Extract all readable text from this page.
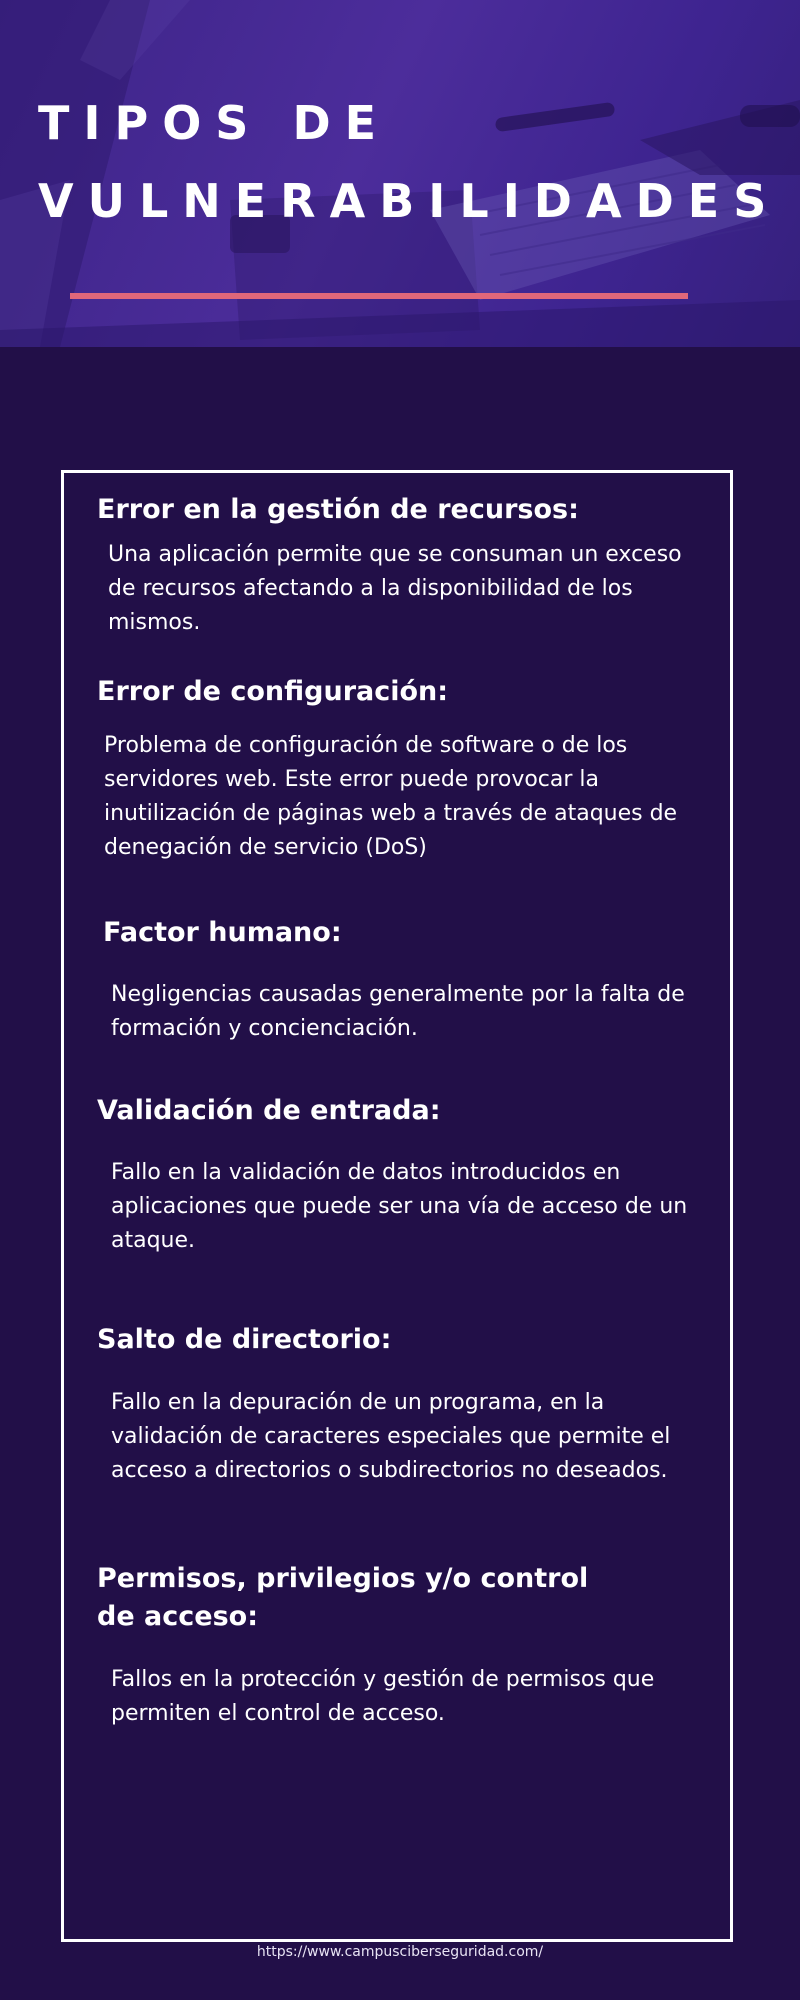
TIPOS DE
VULNERABILIDADES
Error en la gestión de recursos:

Una aplicación permite que se consuman un exceso de recursos afectando a la disponibilidad de los mismos.

Error de configuración:

Problema de configuración de software o de los servidores web. Este error puede provocar la inutilización de páginas web a través de ataques de denegación de servicio (DoS)

Factor humano:

Negligencias causadas generalmente por la falta de formación y concienciación.

Validación de entrada:

Fallo en la validación de datos introducidos en aplicaciones que puede ser una vía de acceso de un ataque.

Salto de directorio:

Fallo en la depuración de un programa, en la validación de caracteres especiales que permite el acceso a directorios o subdirectorios no deseados.

Permisos, privilegios y/o control
de acceso:

Fallos en la protección y gestión de permisos que permiten el control de acceso.

https://www.campusciberseguridad.com/
